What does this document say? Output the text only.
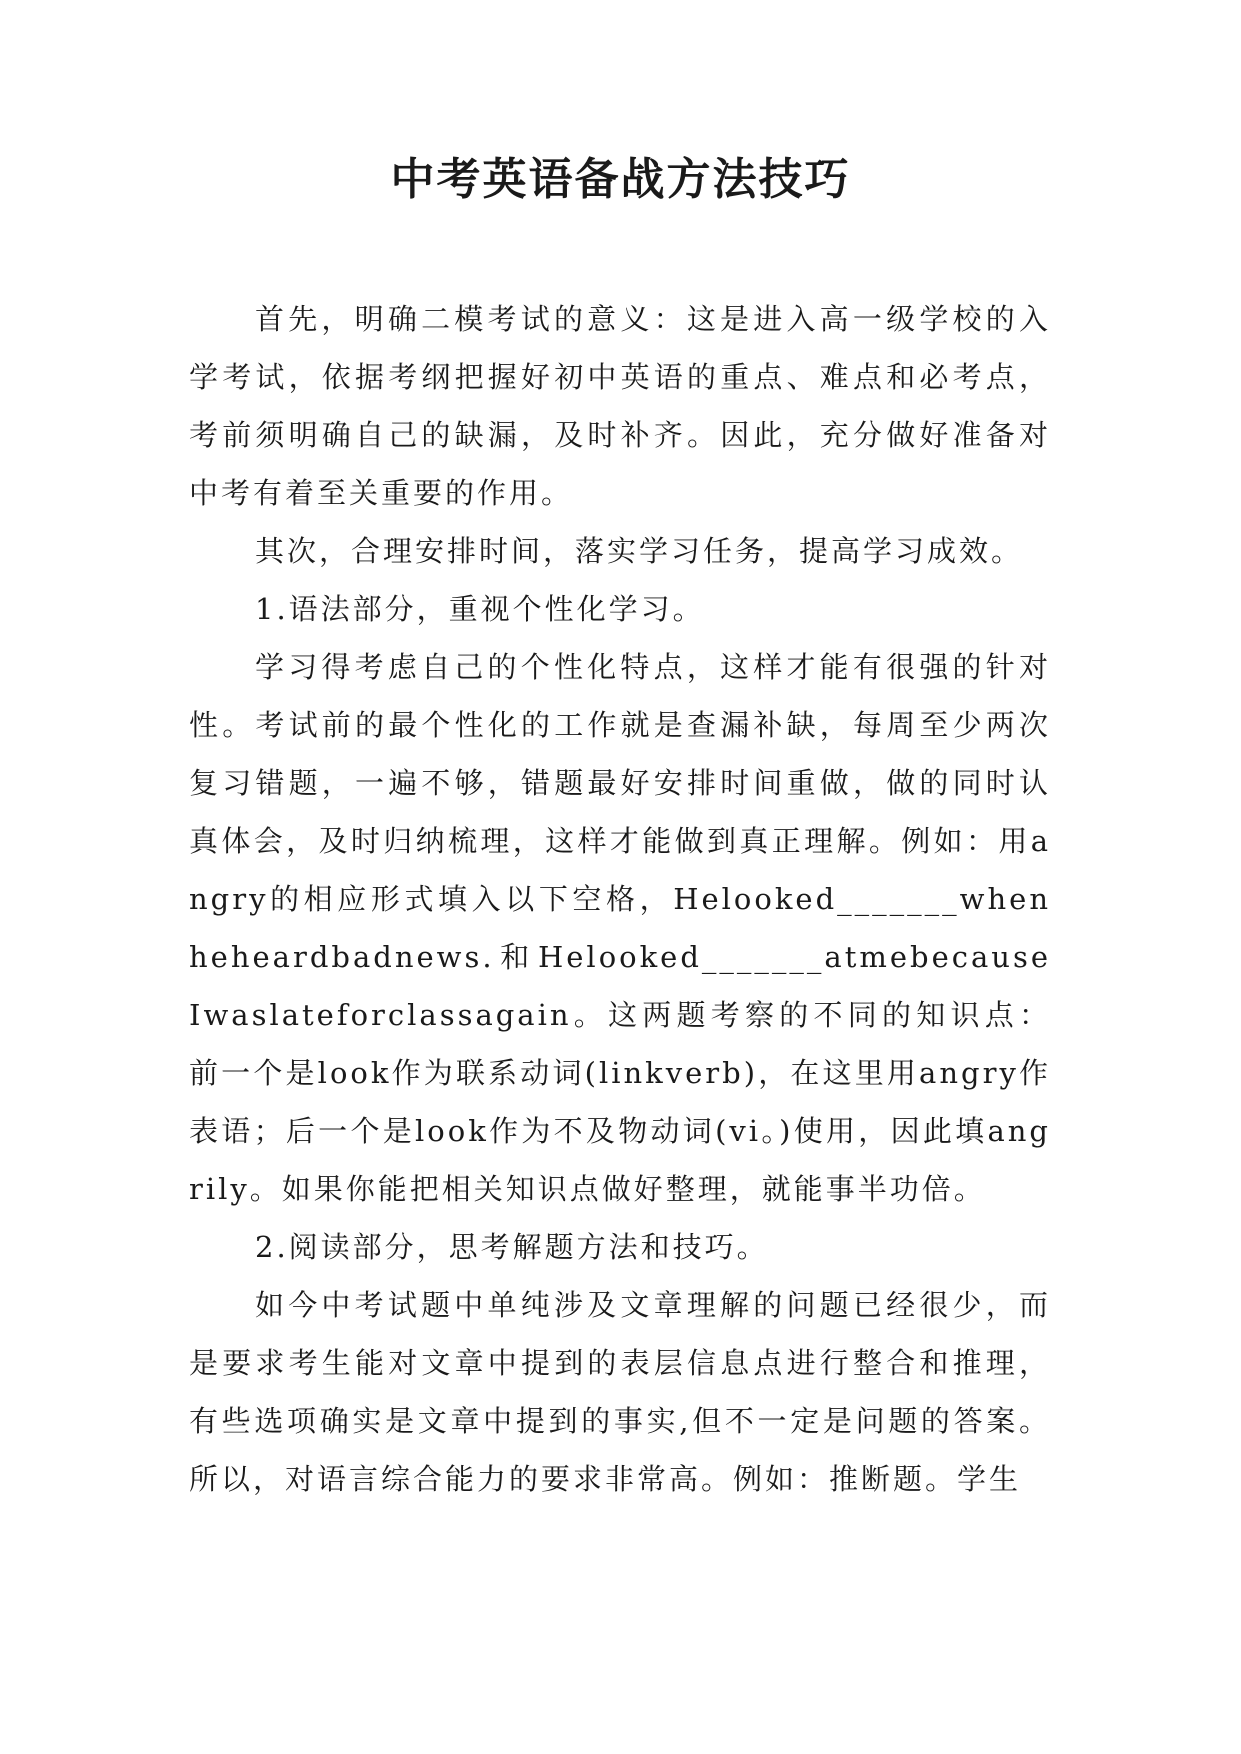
中考英语备战方法技巧

首先，明确二模考试的意义：这是进入高一级学校的入学考试，依据考纲把握好初中英语的重点、难点和必考点，考前须明确自己的缺漏，及时补齐。因此，充分做好准备对中考有着至关重要的作用。

其次，合理安排时间，落实学习任务，提高学习成效。

1.语法部分，重视个性化学习。

学习得考虑自己的个性化特点，这样才能有很强的针对性。考试前的最个性化的工作就是查漏补缺，每周至少两次复习错题，一遍不够，错题最好安排时间重做，做的同时认真体会，及时归纳梳理，这样才能做到真正理解。例如：用angry的相应形式填入以下空格，Helooked_______whenheheardbadnews.和Helooked_______atmebecauseIwaslateforclassagain。这两题考察的不同的知识点：前一个是look作为联系动词(linkverb)，在这里用angry作表语；后一个是look作为不及物动词(vi。)使用，因此填angrily。如果你能把相关知识点做好整理，就能事半功倍。

2.阅读部分，思考解题方法和技巧。

如今中考试题中单纯涉及文章理解的问题已经很少，而是要求考生能对文章中提到的表层信息点进行整合和推理，有些选项确实是文章中提到的事实,但不一定是问题的答案。所以，对语言综合能力的要求非常高。例如：推断题。学生
